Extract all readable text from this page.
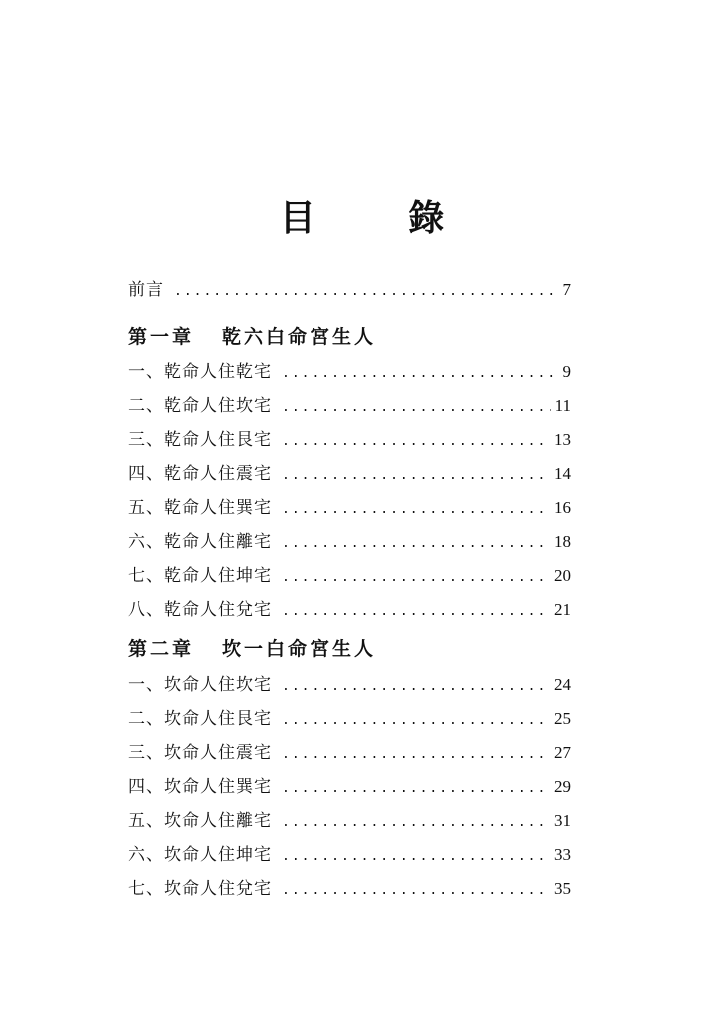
目 錄
前言 .....	7
第一章	乾六白命宮生人
一、乾命人住乾宅 .....	9
二、乾命人住坎宅 .....	11
三、乾命人住艮宅 .....	13
四、乾命人住震宅 .....	14
五、乾命人住巽宅 .....	16
六、乾命人住離宅 .....	18
七、乾命人住坤宅 .....	20
八、乾命人住兌宅 .....	21
第二章	坎一白命宮生人
一、坎命人住坎宅 .....	24
二、坎命人住艮宅 .....	25
三、坎命人住震宅 .....	27
四、坎命人住巽宅 .....	29
五、坎命人住離宅 .....	31
六、坎命人住坤宅 .....	33
七、坎命人住兌宅 .....	35
